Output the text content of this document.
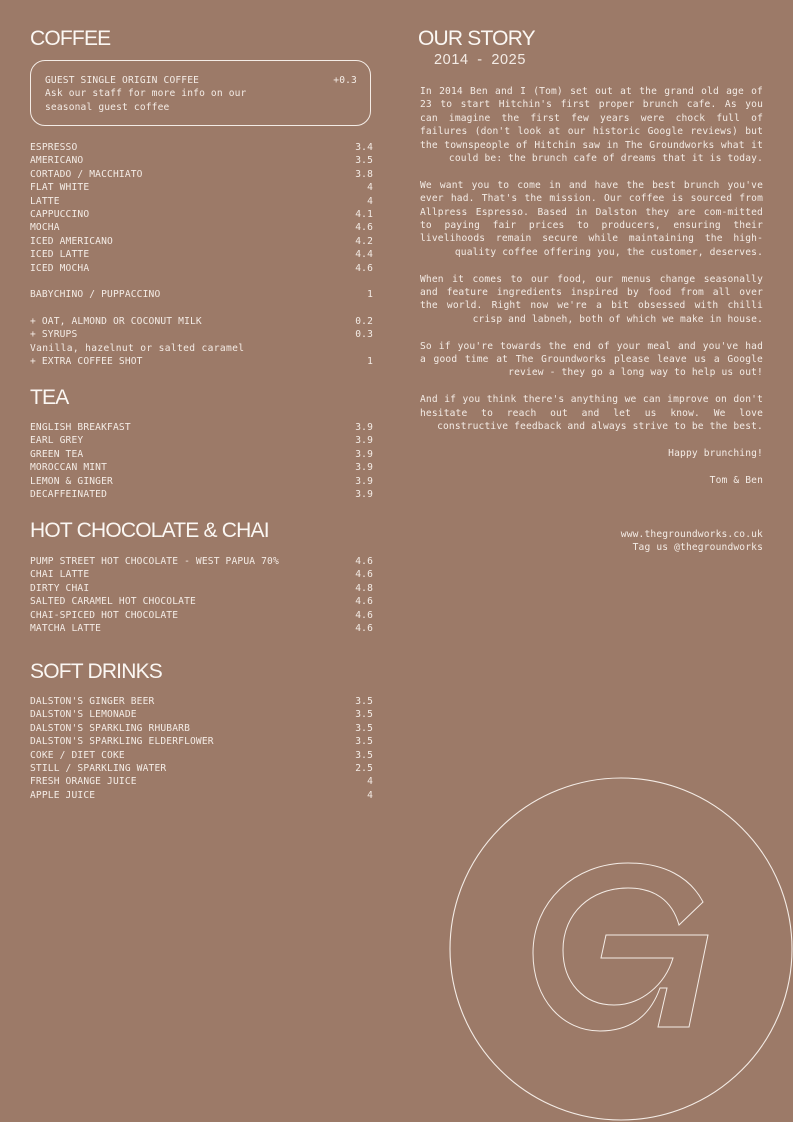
COFFEE
GUEST SINGLE ORIGIN COFFEE	+0.3
Ask our staff for more info on our
seasonal guest coffee
ESPRESSO	3.4
AMERICANO	3.5
CORTADO / MACCHIATO	3.8
FLAT WHITE	4
LATTE	4
CAPPUCCINO	4.1
MOCHA	4.6
ICED AMERICANO	4.2
ICED LATTE	4.4
ICED MOCHA	4.6
BABYCHINO / PUPPACCINO	1
+ OAT, ALMOND OR COCONUT MILK	0.2
+ SYRUPS	0.3
Vanilla, hazelnut or salted caramel
+ EXTRA COFFEE SHOT	1
TEA
ENGLISH BREAKFAST	3.9
EARL GREY	3.9
GREEN TEA	3.9
MOROCCAN MINT	3.9
LEMON & GINGER	3.9
DECAFFEINATED	3.9
HOT CHOCOLATE & CHAI
PUMP STREET HOT CHOCOLATE - WEST PAPUA 70%	4.6
CHAI LATTE	4.6
DIRTY CHAI	4.8
SALTED CARAMEL HOT CHOCOLATE	4.6
CHAI-SPICED HOT CHOCOLATE	4.6
MATCHA LATTE	4.6
SOFT DRINKS
DALSTON'S GINGER BEER	3.5
DALSTON'S LEMONADE	3.5
DALSTON'S SPARKLING RHUBARB	3.5
DALSTON'S SPARKLING ELDERFLOWER	3.5
COKE / DIET COKE	3.5
STILL / SPARKLING WATER	2.5
FRESH ORANGE JUICE	4
APPLE JUICE	4
OUR STORY
2014 - 2025

In 2014 Ben and I (Tom) set out at the grand old age of 23 to start Hitchin's first proper brunch cafe. As you can imagine the first few years were chock full of failures (don't look at our historic Google reviews) but the townspeople of Hitchin saw in The Groundworks what it could be: the brunch cafe of dreams that it is today.

We want you to come in and have the best brunch you've ever had. That's the mission. Our coffee is sourced from Allpress Espresso. Based in Dalston they are com-mitted to paying fair prices to producers, ensuring their livelihoods remain secure while maintaining the high-quality coffee offering you, the customer, deserves.

When it comes to our food, our menus change seasonally and feature ingredients inspired by food from all over the world. Right now we're a bit obsessed with chilli crisp and labneh, both of which we make in house.

So if you're towards the end of your meal and you've had a good time at The Groundworks please leave us a Google review - they go a long way to help us out!

And if you think there's anything we can improve on don't hesitate to reach out and let us know. We love constructive feedback and always strive to be the best.

Happy brunching!

Tom & Ben

www.thegroundworks.co.uk
Tag us @thegroundworks
